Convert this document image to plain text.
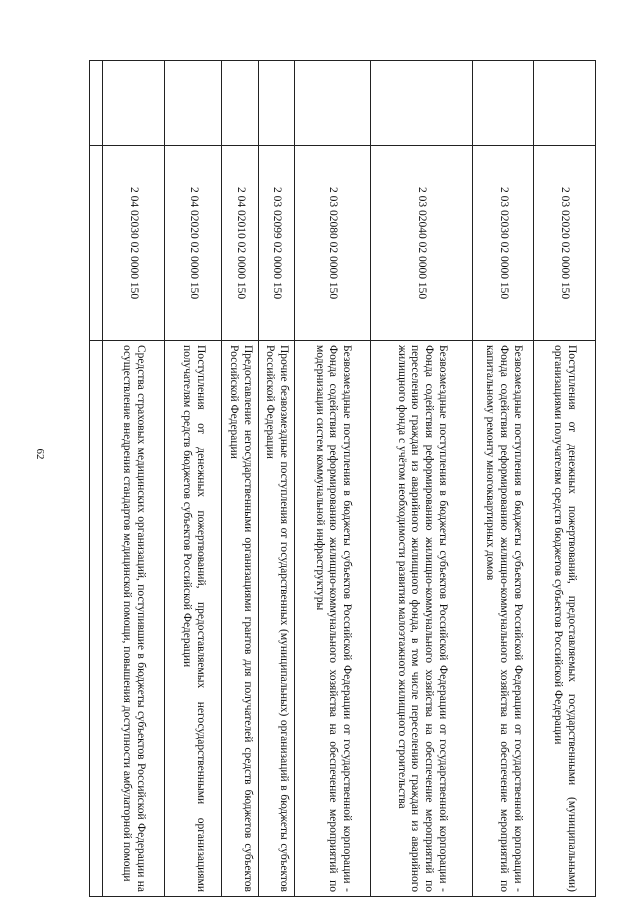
62
	2 03 02020 02 0000 150	Поступления от денежных пожертвований, предоставляемых государственными (муниципальными) организациями получателям средств бюджетов субъектов Российской Федерации
	2 03 02030 02 0000 150	Безвозмездные поступления в бюджеты субъектов Российской Федерации от государственной корпорации - Фонда содействия реформированию жилищно-коммунального хозяйства на обеспечение мероприятий по капитальному ремонту многоквартирных домов
	2 03 02040 02 0000 150	Безвозмездные поступления в бюджеты субъектов Российской Федерации от государственной корпорации - Фонда содействия реформированию жилищно-коммунального хозяйства на обеспечение мероприятий по переселению граждан из аварийного жилищного фонда, в том числе переселению граждан из аварийного жилищного фонда с учётом необходимости развития малоэтажного жилищного строительства
	2 03 02080 02 0000 150	Безвозмездные поступления в бюджеты субъектов Российской Федерации от государственной корпорации - Фонда содействия реформированию жилищно-коммунального хозяйства на обеспечение мероприятий по модернизации систем коммунальной инфраструктуры
	2 03 02099 02 0000 150	Прочие безвозмездные поступления от государственных (муниципальных) организаций в бюджеты субъектов Российской Федерации
	2 04 02010 02 0000 150	Предоставление негосударственными организациями грантов для получателей средств бюджетов субъектов Российской Федерации
	2 04 02020 02 0000 150	Поступления от денежных пожертвований, предоставляемых негосударственными организациями получателям средств бюджетов субъектов Российской Федерации
	2 04 02030 02 0000 150	Средства страховых медицинских организаций, поступившие в бюджеты субъектов Российской Федерации на осуществление внедрения стандартов медицинской помощи, повышения доступности амбулаторной помощи
